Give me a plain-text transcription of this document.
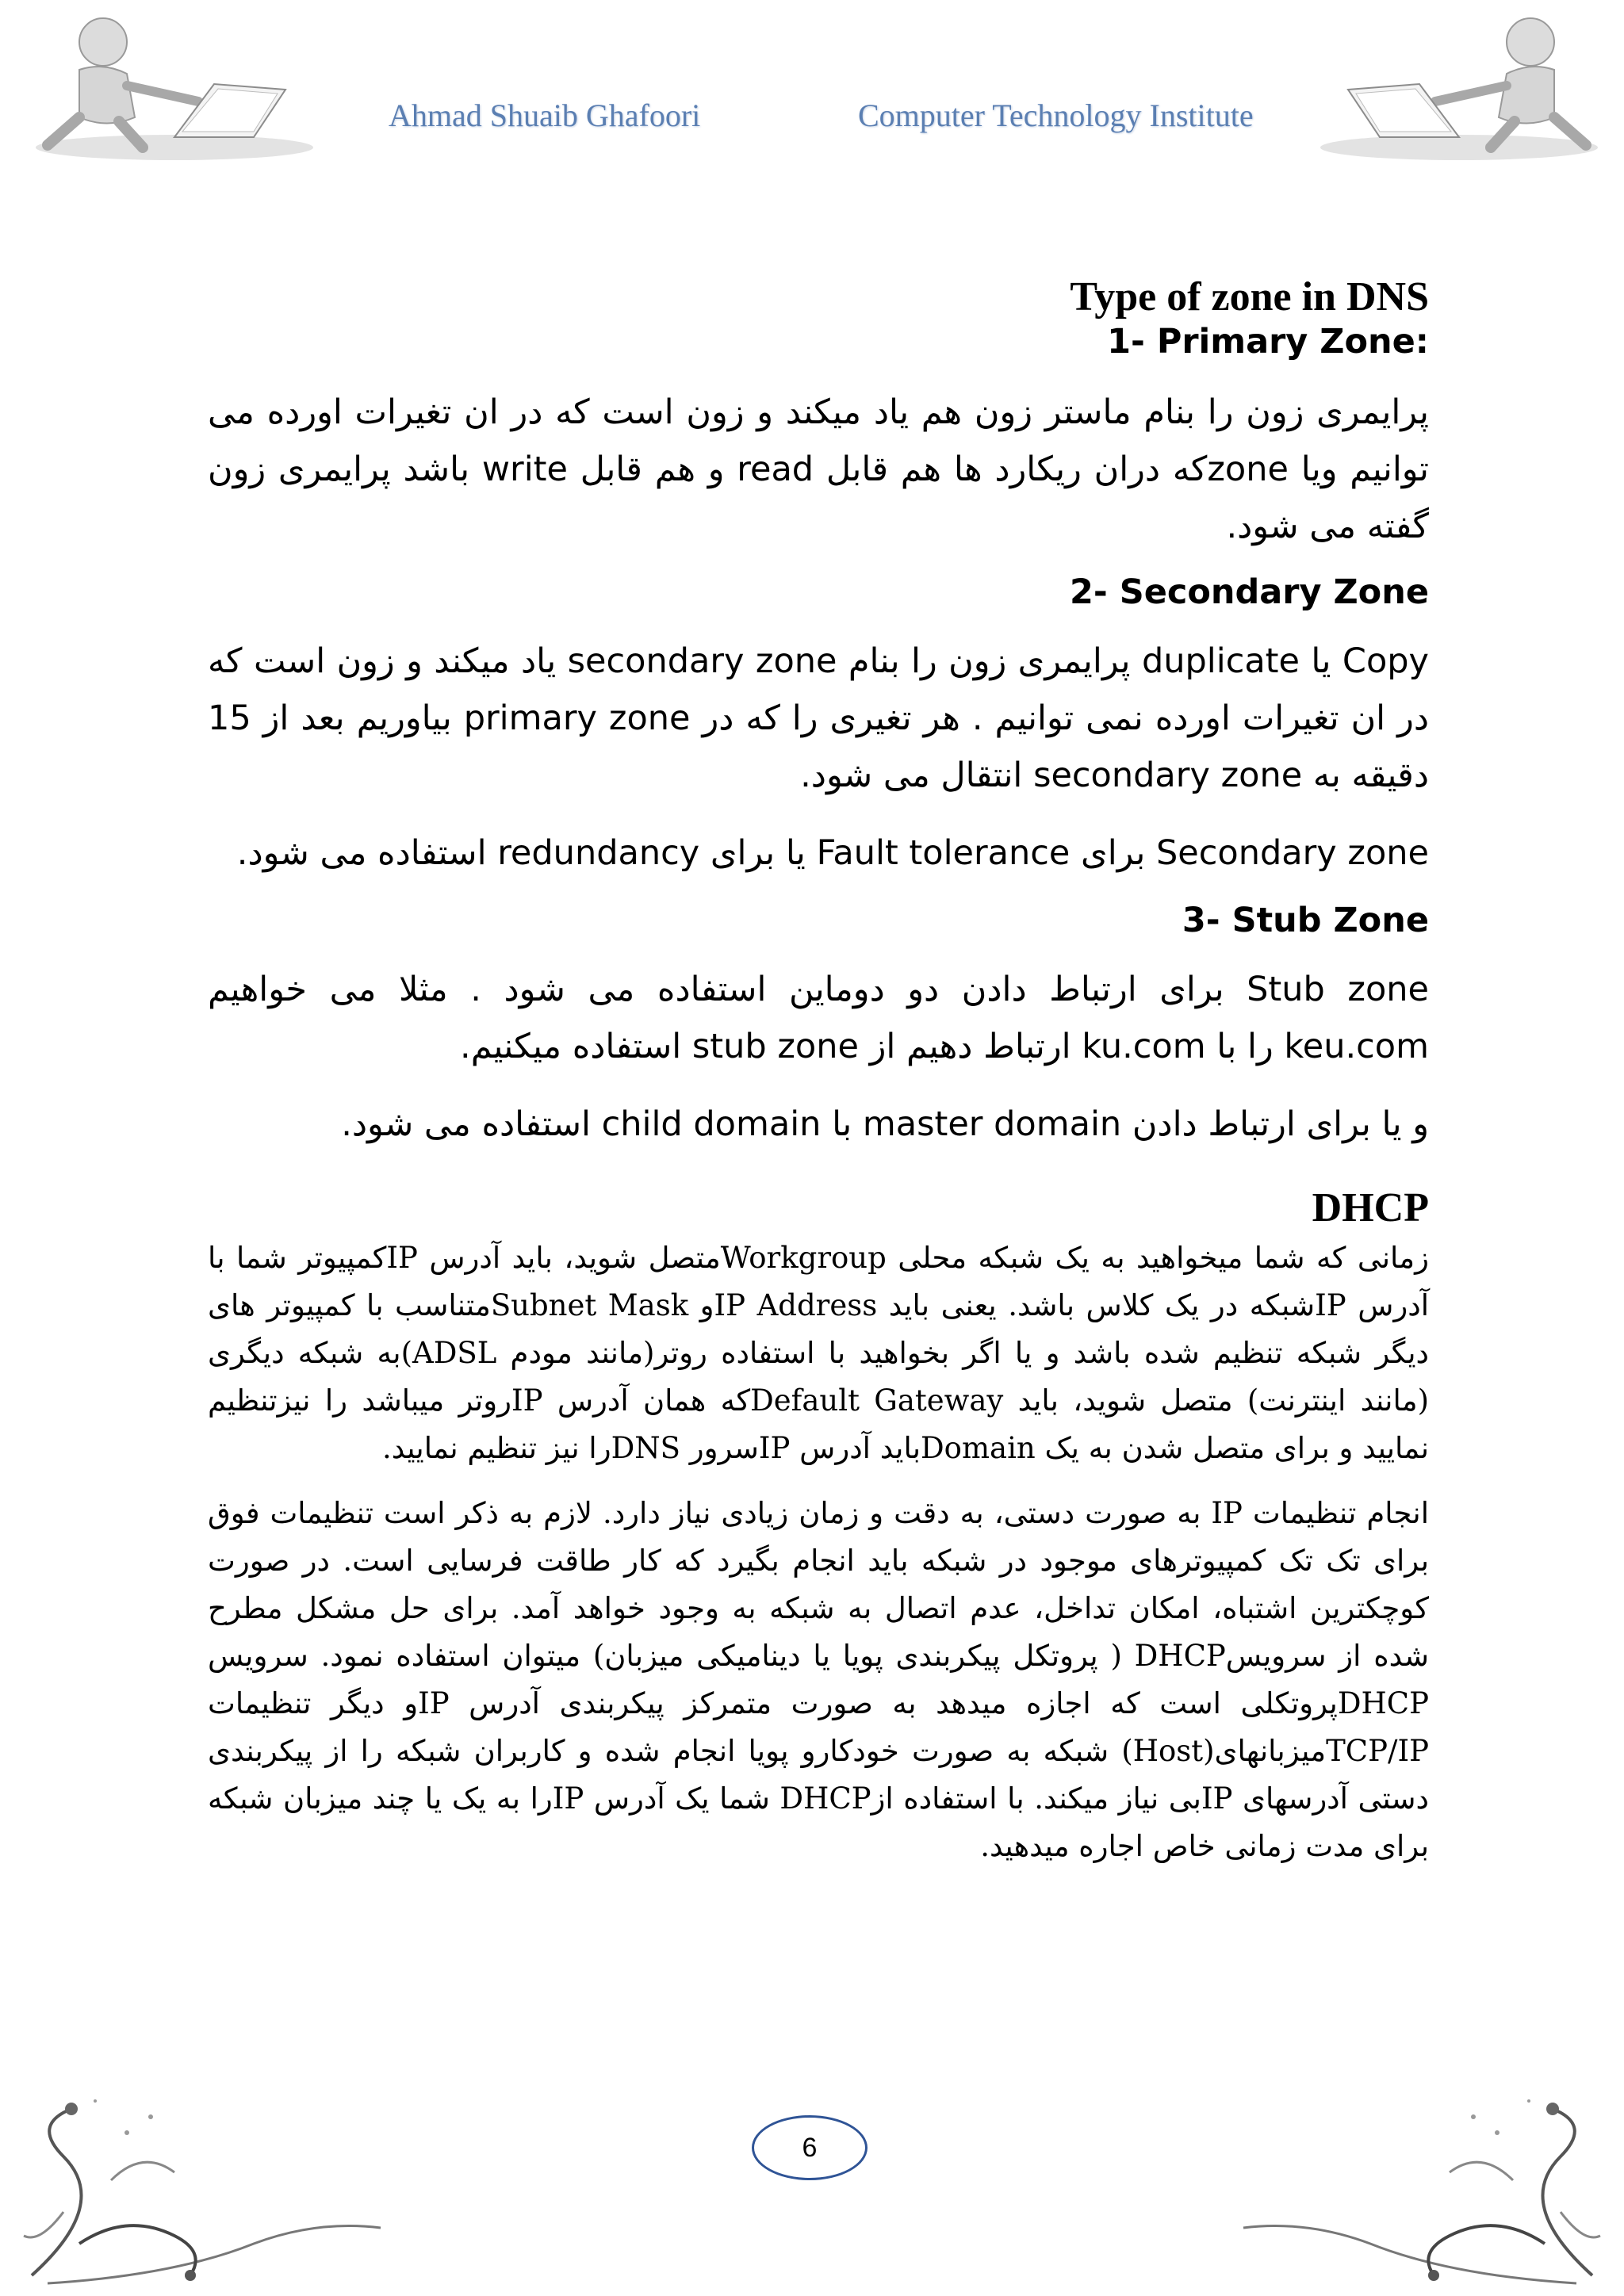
Ahmad Shuaib Ghafoori	Computer Technology Institute
Type of zone in DNS
1- Primary Zone:

پرایمری زون را بنام ماستر زون هم یاد میکند و زون است که در ان تغیرات اورده می توانیم ویا zoneکه دران ریکارد ها هم قابل read و هم قابل write باشد پرایمری زون گفته می شود.

2- Secondary Zone

Copy یا duplicate پرایمری زون را بنام secondary zone یاد میکند و زون است که در ان تغیرات اورده نمی توانیم . هر تغیری را که در primary zone بیاوریم بعد از 15 دقیقه به secondary zone انتقال می شود.

Secondary zone برای Fault tolerance یا برای redundancy استفاده می شود.

3- Stub Zone

Stub zone برای ارتباط دادن دو دوماین استفاده می شود . مثلا می خواهیم keu.com را با ku.com ارتباط دهیم از stub zone استفاده میکنیم.

و یا برای ارتباط دادن master domain با child domain استفاده می شود.

DHCP

زمانی که شما میخواهید به یک شبکه محلی Workgroupمتصل شوید، باید آدرس IPکمپیوتر شما با آدرس IPشبکه در یک کلاس باشد. یعنی باید IP Addressو Subnet Maskمتناسب با کمپیوتر های دیگر شبکه تنظیم شده باشد و یا اگر بخواهید با استفاده روتر(مانند مودم ADSL)به شبکه دیگری (مانند اینترنت) متصل شوید، باید Default Gatewayکه همان آدرس IPروتر میباشد را نیزتنظیم نمایید و برای متصل شدن به یک Domainباید آدرس IPسرور DNSرا نیز تنظیم نمایید.

انجام تنظیمات IP به صورت دستی، به دقت و زمان زیادی نیاز دارد. لازم به ذکر است تنظیمات فوق برای تک تک کمپیوترهای موجود در شبکه باید انجام بگیرد که کار طاقت فرسایی است. در صورت کوچکترین اشتباه، امکان تداخل، عدم اتصال به شبکه به وجود خواهد آمد. برای حل مشکل مطرح شده از سرویسDHCP ( پروتکل پیکربندی پویا یا دینامیکی میزبان) میتوان استفاده نمود. سرویس DHCPپروتکلی است که اجازه میدهد به صورت متمرکز پیکربندی آدرس IPو دیگر تنظیمات TCP/IPمیزبانهای(Host) شبکه به صورت خودکارو پویا انجام شده و کاربران شبکه را از پیکربندی دستی آدرسهای IPبی نیاز میکند. با استفاده ازDHCP شما یک آدرس IPرا به یک یا چند میزبان شبکه برای مدت زمانی خاص اجاره میدهید.

6
